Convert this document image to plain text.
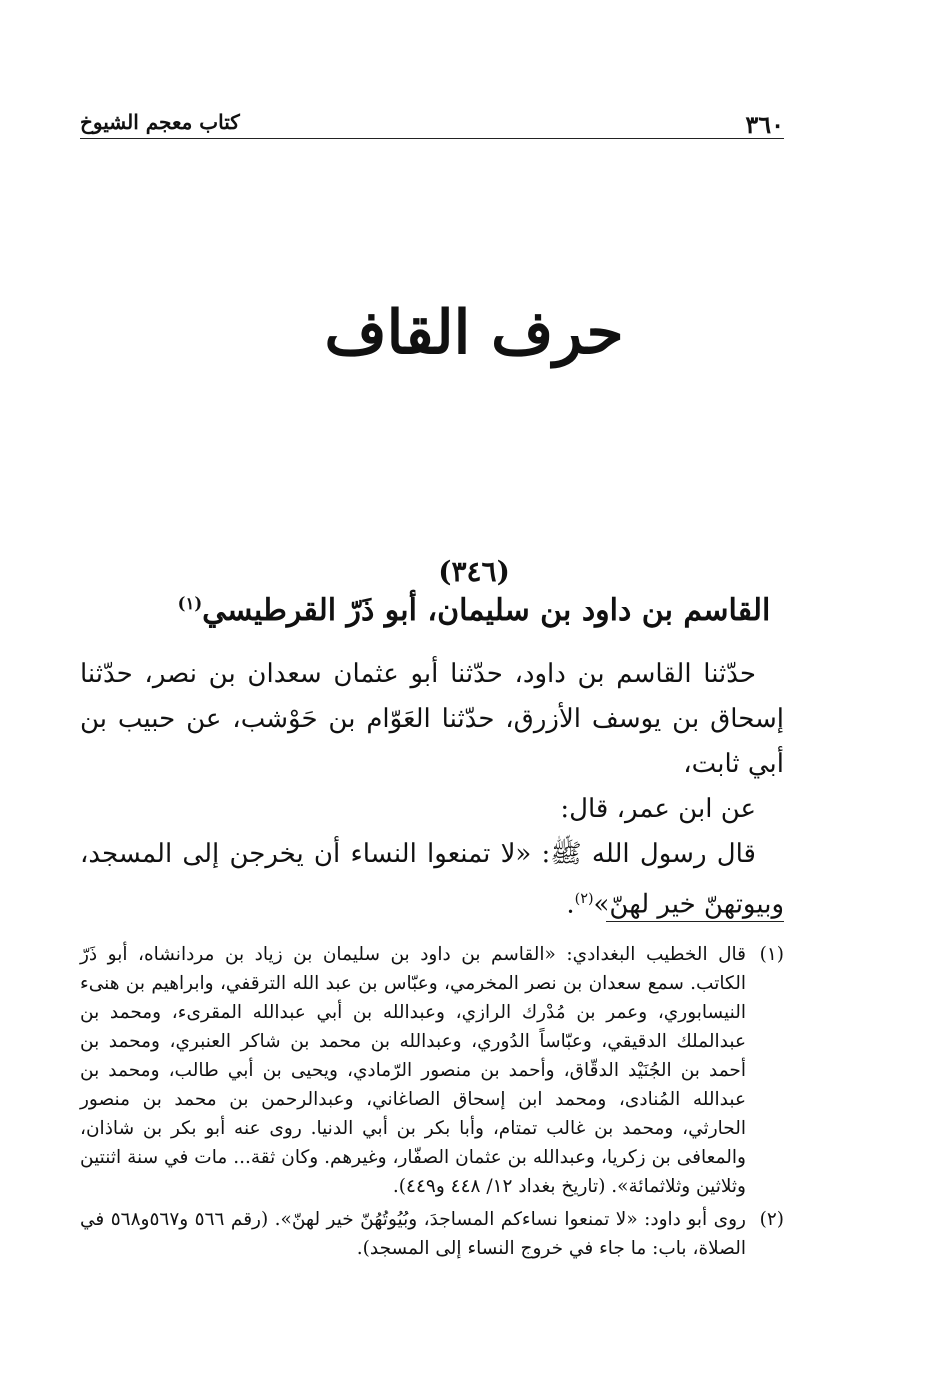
٣٦٠
كتاب معجم الشيوخ
حرف القاف
(٣٤٦)
القاسم بن داود بن سليمان، أبو ذَرّ القرطيسي$^{(١)}$

حدّثنا القاسم بن داود، حدّثنا أبو عثمان سعدان بن نصر، حدّثنا إسحاق بن يوسف الأزرق، حدّثنا العَوّام بن حَوْشب، عن حبيب بن أبي ثابت،

عن ابن عمر، قال:

قال رسول الله ﷺ: «لا تمنعوا النساء أن يخرجن إلى المسجد، وبيوتهنّ خير لهنّ»$^{(٢)}$.

(١)
قال الخطيب البغدادي: «القاسم بن داود بن سليمان بن زياد بن مردانشاه، أبو ذَرّ الكاتب. سمع سعدان بن نصر المخرمي، وعبّاس بن عبد الله الترقفي، وابراهيم بن هنىء النيسابوري، وعمر بن مُدْرك الرازي، وعبدالله بن أبي عبدالله المقرىء، ومحمد بن عبدالملك الدقيقي، وعبّاساً الدُوري، وعبدالله بن محمد بن شاكر العنبري، ومحمد بن أحمد بن الجُنَيْد الدقّاق، وأحمد بن منصور الرّمادي، ويحيى بن أبي طالب، ومحمد بن عبدالله المُنادى، ومحمد ابن إسحاق الصاغاني، وعبدالرحمن بن محمد بن منصور الحارثي، ومحمد بن غالب تمتام، وأبا بكر بن أبي الدنيا. روى عنه أبو بكر بن شاذان، والمعافى بن زكريا، وعبدالله بن عثمان الصفّار، وغيرهم. وكان ثقة... مات في سنة اثنتين وثلاثين وثلاثمائة». (تاريخ بغداد ١٢/ ٤٤٨ و٤٤٩).

(٢)
روى أبو داود: «لا تمنعوا نساءكم المساجدَ، وبُيُوتُهُنّ خير لهنّ». (رقم ٥٦٦ و٥٦٧و٥٦٨ في الصلاة، باب: ما جاء في خروج النساء إلى المسجد).
